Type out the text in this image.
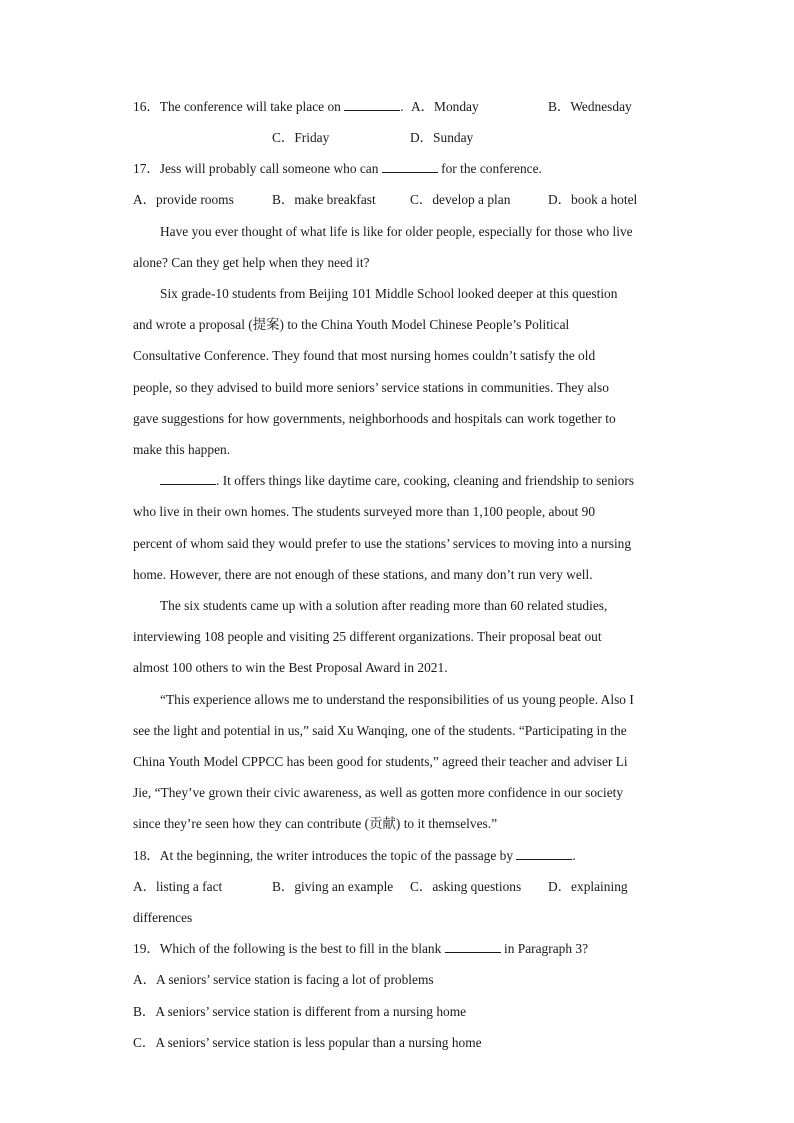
16．The conference will take place on	. A．Monday	B．Wednesday
C．Friday	D．Sunday
17．Jess will probably call someone who can	for the conference.
A．provide rooms	B．make breakfast	C．develop a plan	D．book a hotel
Have you ever thought of what life is like for older people, especially for those who live
alone? Can they get help when they need it?
Six grade-10 students from Beijing 101 Middle School looked deeper at this question
and wrote a proposal (提案) to the China Youth Model Chinese People’s Political
Consultative Conference. They found that most nursing homes couldn’t satisfy the old
people, so they advised to build more seniors’ service stations in communities. They also
gave suggestions for how governments, neighborhoods and hospitals can work together to
make this happen.
. It offers things like daytime care, cooking, cleaning and friendship to seniors
who live in their own homes. The students surveyed more than 1,100 people, about 90
percent of whom said they would prefer to use the stations’ services to moving into a nursing
home. However, there are not enough of these stations, and many don’t run very well.
The six students came up with a solution after reading more than 60 related studies,
interviewing 108 people and visiting 25 different organizations. Their proposal beat out
almost 100 others to win the Best Proposal Award in 2021.
“This experience allows me to understand the responsibilities of us young people. Also I
see the light and potential in us,” said Xu Wanqing, one of the students. “Participating in the
China Youth Model CPPCC has been good for students,” agreed their teacher and adviser Li
Jie, “They’ve grown their civic awareness, as well as gotten more confidence in our society
since they’re seen how they can contribute (贡献) to it themselves.”
18．At the beginning, the writer introduces the topic of the passage by	.
A．listing a fact	B．giving an example C．asking questions D．explaining
differences
19．Which of the following is the best to fill in the blank	in Paragraph 3?
A．A seniors’ service station is facing a lot of problems
B．A seniors’ service station is different from a nursing home
C．A seniors’ service station is less popular than a nursing home
